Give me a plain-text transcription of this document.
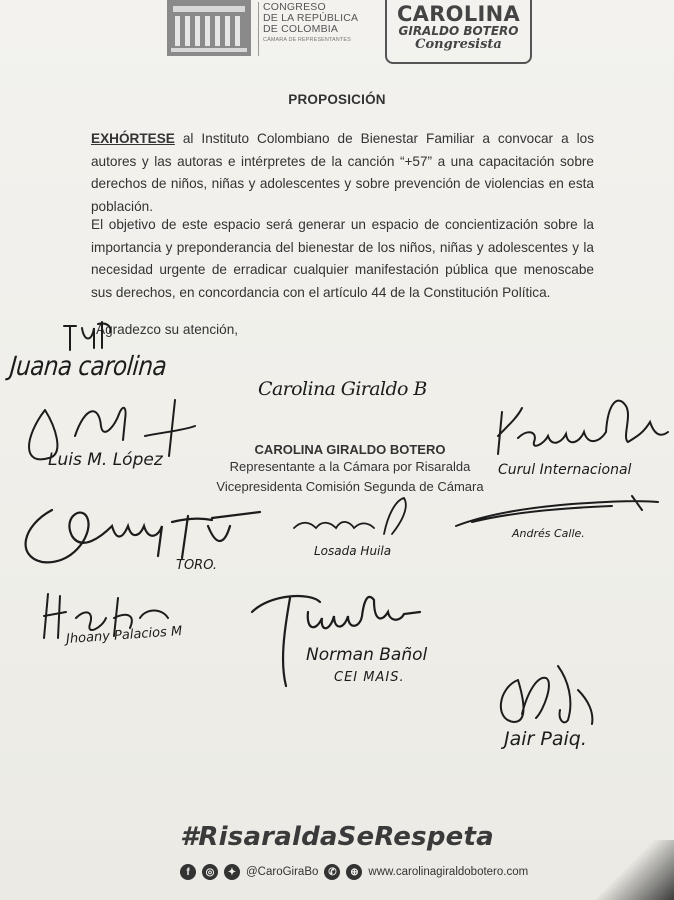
CONGRESO
DE LA REPÚBLICA
DE COLOMBIA
CÁMARA DE REPRESENTANTES
CAROLINA
GIRALDO BOTERO
Congresista
PROPOSICIÓN
EXHÓRTESE al Instituto Colombiano de Bienestar Familiar a convocar a los autores y las autoras e intérpretes de la canción “+57” a una capacitación sobre derechos de niños, niñas y adolescentes y sobre prevención de violencias en esta población.
El objetivo de este espacio será generar un espacio de concientización sobre la importancia y preponderancia del bienestar de los niños, niñas y adolescentes y la necesidad urgente de erradicar cualquier manifestación pública que menoscabe sus derechos, en concordancia con el artículo 44 de la Constitución Política.
Agradezco su atención,
Juana carolina
Carolina Giraldo B
Luis M. López
CAROLINA GIRALDO BOTERO
Representante a la Cámara por Risaralda
Vicepresidenta Comisión Segunda de Cámara
Curul Internacional
TORO.
Losada Huila
Andrés Calle.
Jhoany Palacios M
Norman Bañol
CEI MAIS.
Jair Paiq.
#RisaraldaSeRespeta
f	◎	✦ @CaroGiraBo ✆	⊕ www.carolinagiraldobotero.com
